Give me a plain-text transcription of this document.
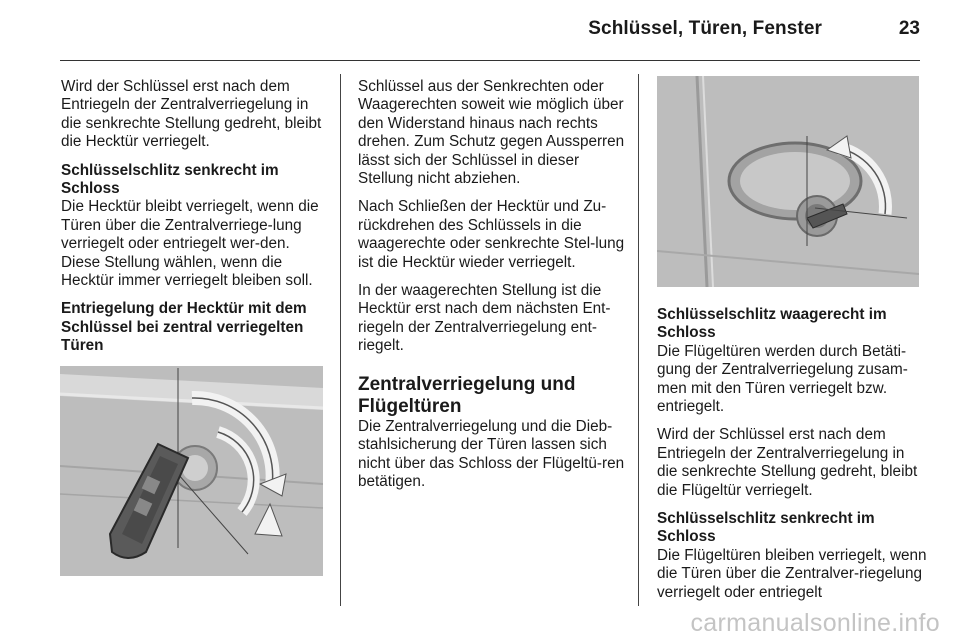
Schlüssel, Türen, Fenster	23

Wird der Schlüssel erst nach dem Entriegeln der Zentralverriegelung in die senkrechte Stellung gedreht, bleibt die Hecktür verriegelt.

Schlüsselschlitz senkrecht im Schloss

Die Hecktür bleibt verriegelt, wenn die Türen über die Zentralverriege-lung verriegelt oder entriegelt wer-den. Diese Stellung wählen, wenn die Hecktür immer verriegelt bleiben soll.

Entriegelung der Hecktür mit dem Schlüssel bei zentral verriegelten Türen

Schlüssel aus der Senkrechten oder Waagerechten soweit wie möglich über den Widerstand hinaus nach rechts drehen. Zum Schutz gegen Aussperren lässt sich der Schlüssel in dieser Stellung nicht abziehen.

Nach Schließen der Hecktür und Zu-rückdrehen des Schlüssels in die waagerechte oder senkrechte Stel-lung ist die Hecktür wieder verriegelt.

In der waagerechten Stellung ist die Hecktür erst nach dem nächsten Ent-riegeln der Zentralverriegelung ent-riegelt.

Zentralverriegelung und Flügeltüren

Die Zentralverriegelung und die Dieb-stahlsicherung der Türen lassen sich nicht über das Schloss der Flügeltü-ren betätigen.

Schlüsselschlitz waagerecht im Schloss

Die Flügeltüren werden durch Betäti-gung der Zentralverriegelung zusam-men mit den Türen verriegelt bzw. entriegelt.

Wird der Schlüssel erst nach dem Entriegeln der Zentralverriegelung in die senkrechte Stellung gedreht, bleibt die Flügeltür verriegelt.

Schlüsselschlitz senkrecht im Schloss

Die Flügeltüren bleiben verriegelt, wenn die Türen über die Zentralver-riegelung verriegelt oder entriegelt

carmanualsonline.info
